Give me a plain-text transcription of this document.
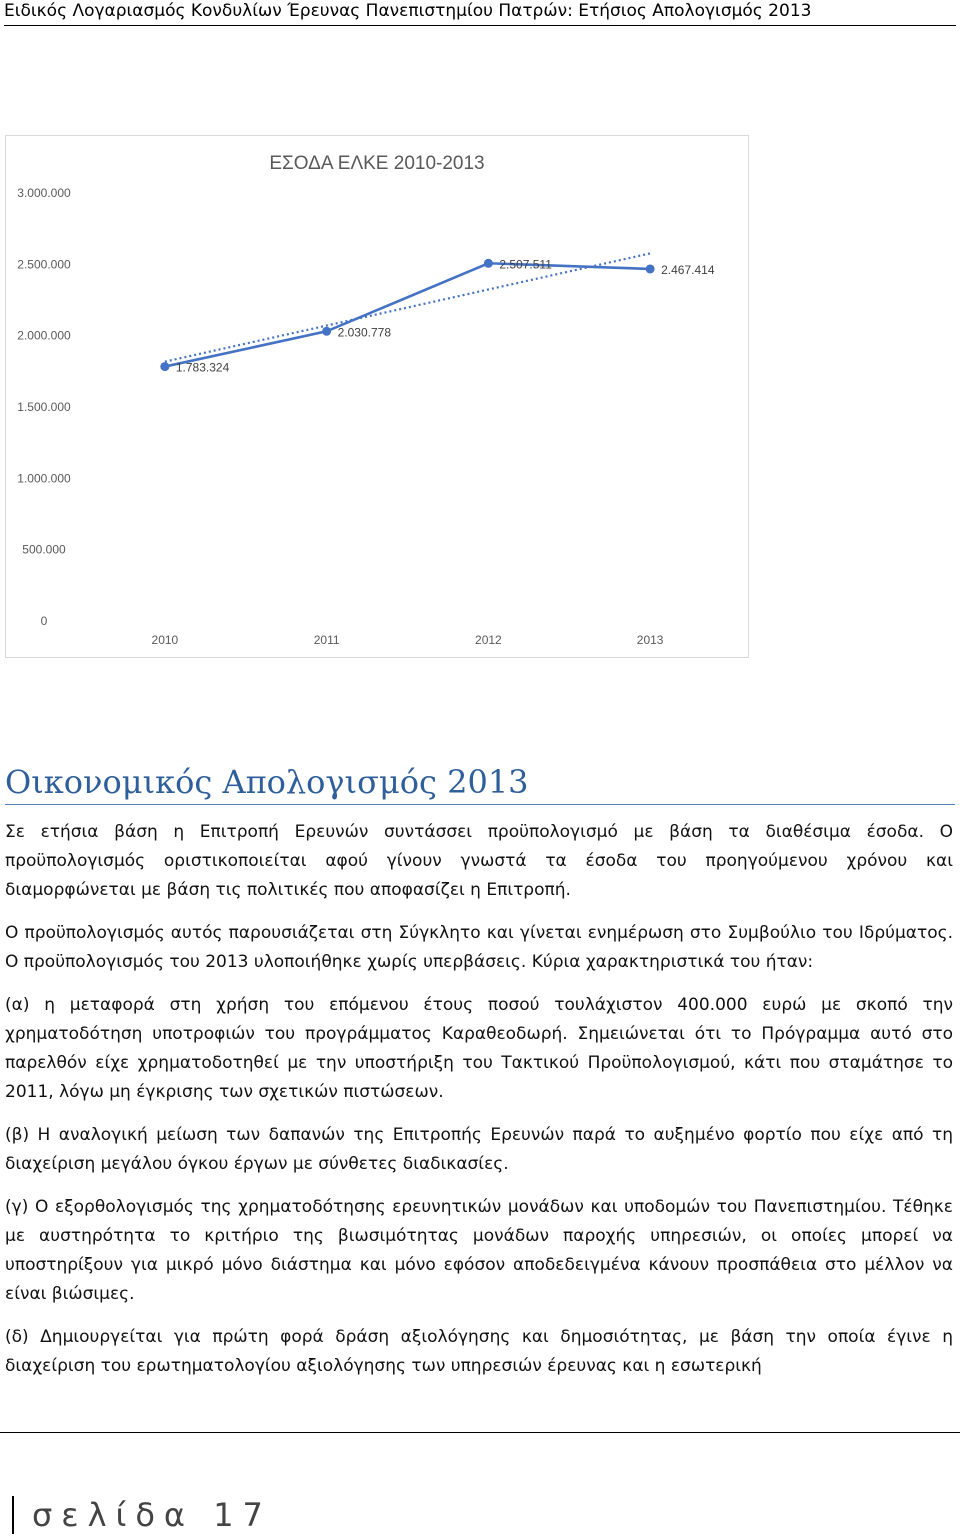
Ειδικός Λογαριασμός Κονδυλίων Έρευνας Πανεπιστημίου Πατρών: Ετήσιος Απολογισμός 2013
ΕΣΟΔΑ ΕΛΚΕ 2010-2013
0
500.000
1.000.000
1.500.000
2.000.000
2.500.000
3.000.000
2010	2011	2012	2013
1.783.324
2.030.778
2.507.511	2.467.414
Οικονομικός Απολογισμός 2013

Σε ετήσια βάση η Επιτροπή Ερευνών συντάσσει προϋπολογισμό με βάση τα διαθέσιμα έσοδα. Ο προϋπολογισμός οριστικοποιείται αφού γίνουν γνωστά τα έσοδα του προηγούμενου χρόνου και διαμορφώνεται με βάση τις πολιτικές που αποφασίζει η Επιτροπή.

Ο προϋπολογισμός αυτός παρουσιάζεται στη Σύγκλητο και γίνεται ενημέρωση στο Συμβούλιο του Ιδρύματος. Ο προϋπολογισμός του 2013 υλοποιήθηκε χωρίς υπερβάσεις. Κύρια χαρακτηριστικά του ήταν:

(α) η μεταφορά στη χρήση του επόμενου έτους ποσού τουλάχιστον 400.000 ευρώ με σκοπό την χρηματοδότηση υποτροφιών του προγράμματος Καραθεοδωρή. Σημειώνεται ότι το Πρόγραμμα αυτό στο παρελθόν είχε χρηματοδοτηθεί με την υποστήριξη του Τακτικού Προϋπολογισμού, κάτι που σταμάτησε το 2011, λόγω μη έγκρισης των σχετικών πιστώσεων.

(β) Η αναλογική μείωση των δαπανών της Επιτροπής Ερευνών παρά το αυξημένο φορτίο που είχε από τη διαχείριση μεγάλου όγκου έργων με σύνθετες διαδικασίες.

(γ) Ο εξορθολογισμός της χρηματοδότησης ερευνητικών μονάδων και υποδομών του Πανεπιστημίου. Τέθηκε με αυστηρότητα το κριτήριο της βιωσιμότητας μονάδων παροχής υπηρεσιών, οι οποίες μπορεί να υποστηρίξουν για μικρό μόνο διάστημα και μόνο εφόσον αποδεδειγμένα κάνουν προσπάθεια στο μέλλον να είναι βιώσιμες.

(δ) Δημιουργείται για πρώτη φορά δράση αξιολόγησης και δημοσιότητας, με βάση την οποία έγινε η διαχείριση του ερωτηματολογίου αξιολόγησης των υπηρεσιών έρευνας και η εσωτερική

σελίδα 17
